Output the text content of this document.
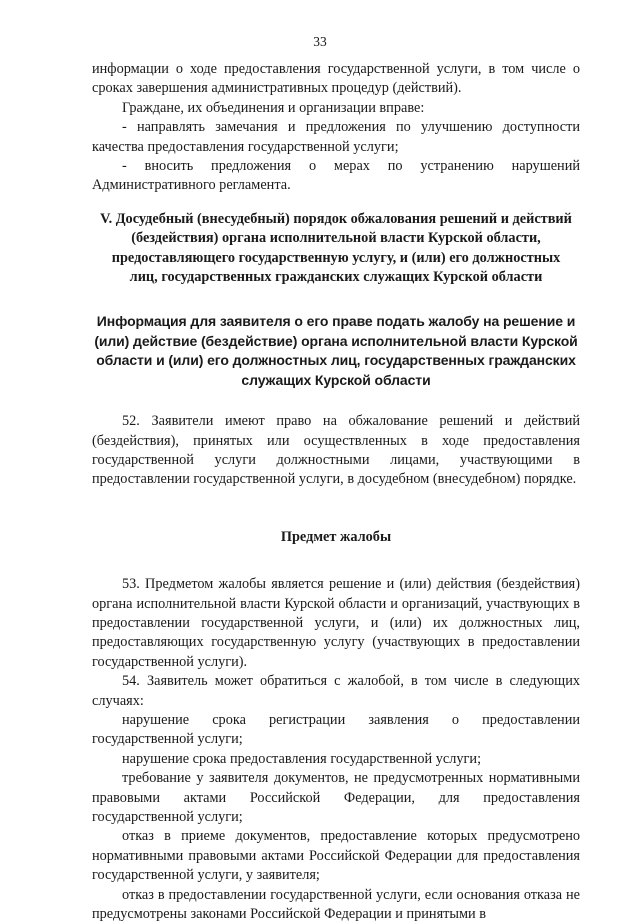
33

информации о ходе предоставления государственной услуги, в том числе о сроках завершения административных процедур (действий).

Граждане, их объединения и организации вправе:

- направлять замечания и предложения по улучшению доступности качества предоставления государственной услуги;

- вносить предложения о мерах по устранению нарушений Административного регламента.

V. Досудебный (внесудебный) порядок обжалования решений и действий (бездействия) органа исполнительной власти Курской области, предоставляющего государственную услугу, и (или) его должностных лиц, государственных гражданских служащих Курской области

Информация для заявителя о его праве подать жалобу на решение и (или) действие (бездействие) органа исполнительной власти Курской области и (или) его должностных лиц, государственных гражданских служащих Курской области

52. Заявители имеют право на обжалование решений и действий (бездействия), принятых или осуществленных в ходе предоставления государственной услуги должностными лицами, участвующими в предоставлении государственной услуги, в досудебном (внесудебном) порядке.

Предмет жалобы

53. Предметом жалобы является решение и (или) действия (бездействия) органа исполнительной власти Курской области и организаций, участвующих в предоставлении государственной услуги, и (или) их должностных лиц, предоставляющих государственную услугу (участвующих в предоставлении государственной услуги).

54. Заявитель может обратиться с жалобой, в том числе в следующих случаях:

нарушение срока регистрации заявления о предоставлении государственной услуги;

нарушение срока предоставления государственной услуги;

требование у заявителя документов, не предусмотренных нормативными правовыми актами Российской Федерации, для предоставления государственной услуги;

отказ в приеме документов, предоставление которых предусмотрено нормативными правовыми актами Российской Федерации для предоставления государственной услуги, у заявителя;

отказ в предоставлении государственной услуги, если основания отказа не предусмотрены законами Российской Федерации и принятыми в
